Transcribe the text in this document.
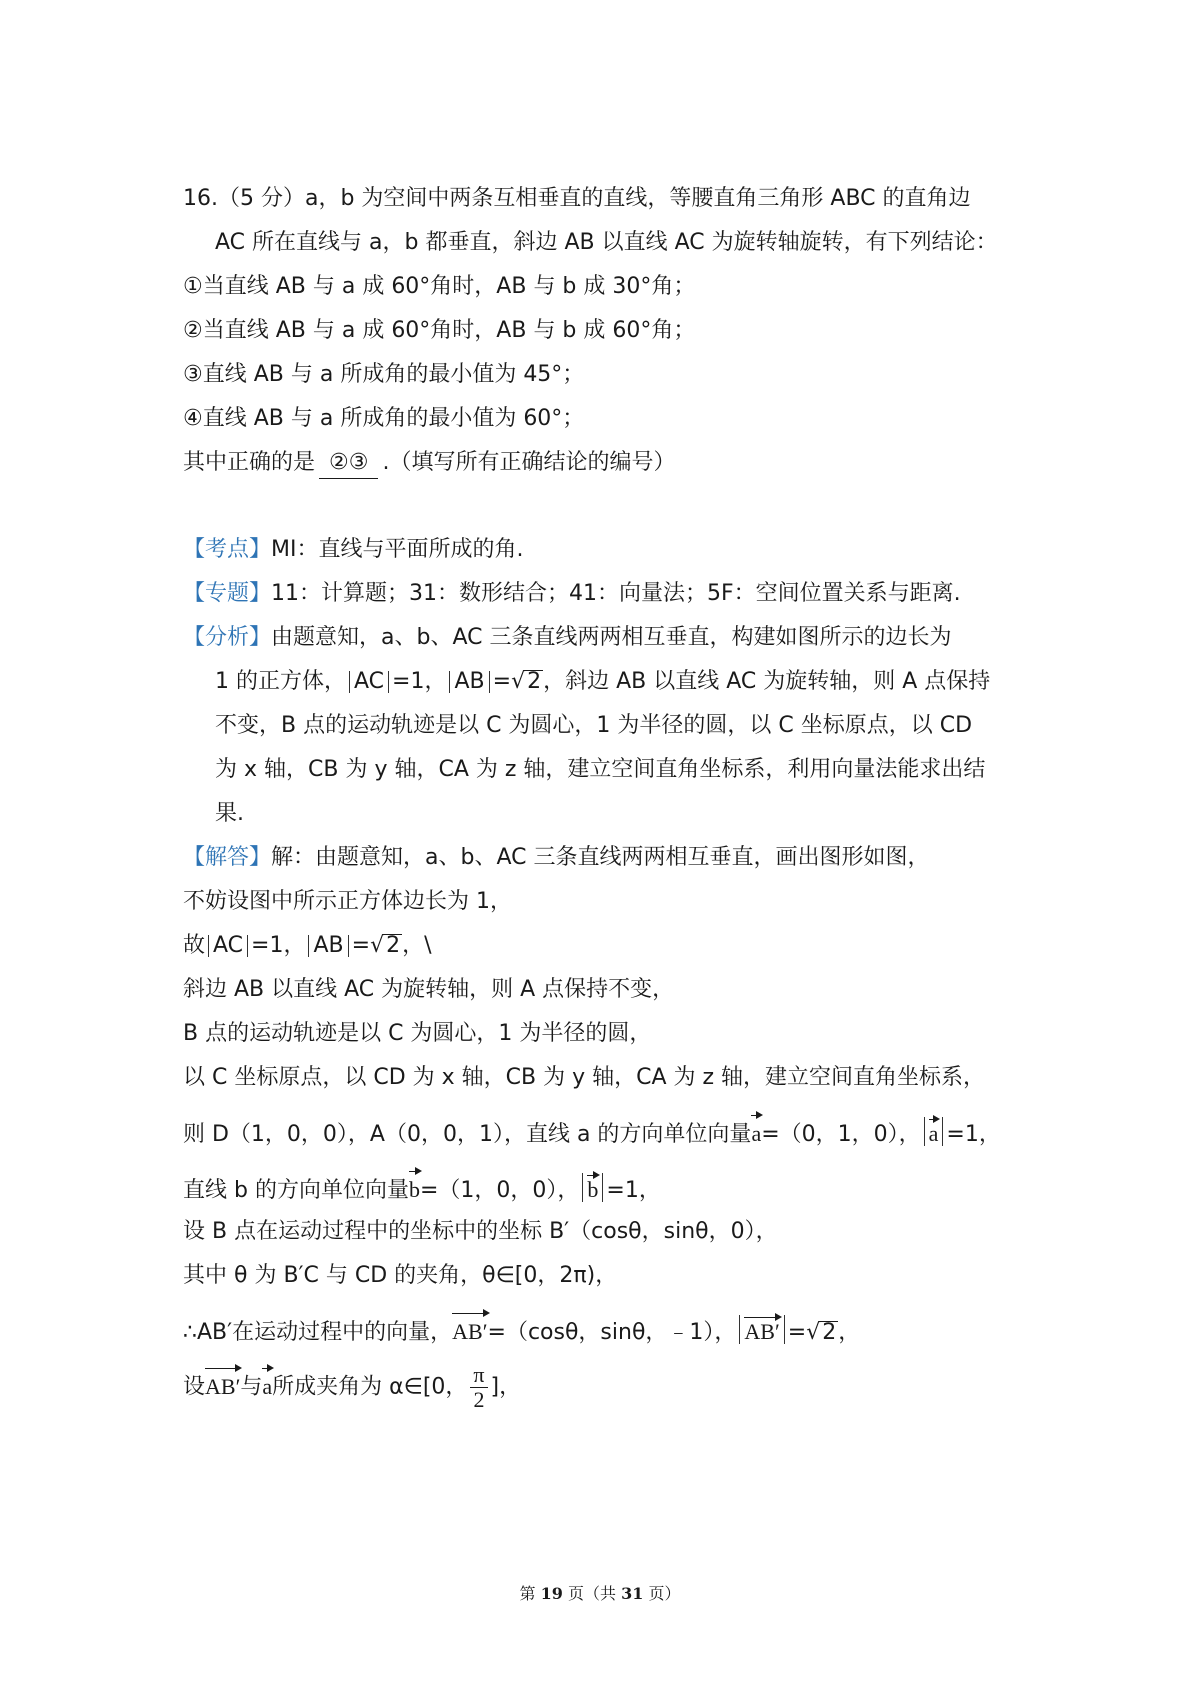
16.（5 分）a，b 为空间中两条互相垂直的直线，等腰直角三角形 ABC 的直角边
AC 所在直线与 a，b 都垂直，斜边 AB 以直线 AC 为旋转轴旋转，有下列结论：
①当直线 AB 与 a 成 60°角时，AB 与 b 成 30°角；
②当直线 AB 与 a 成 60°角时，AB 与 b 成 60°角；
③直线 AB 与 a 所成角的最小值为 45°；
④直线 AB 与 a 所成角的最小值为 60°；
其中正确的是 ②③ .（填写所有正确结论的编号）
【考点】MI：直线与平面所成的角.
【专题】11：计算题；31：数形结合；41：向量法；5F：空间位置关系与距离.
【分析】由题意知，a、b、AC 三条直线两两相互垂直，构建如图所示的边长为
1 的正方体， AC =1， AB =√2，斜边 AB 以直线 AC 为旋转轴，则 A 点保持
不变，B 点的运动轨迹是以 C 为圆心，1 为半径的圆，以 C 坐标原点，以 CD
为 x 轴，CB 为 y 轴，CA 为 z 轴，建立空间直角坐标系，利用向量法能求出结
果.
【解答】解：由题意知，a、b、AC 三条直线两两相互垂直，画出图形如图，
不妨设图中所示正方体边长为 1，
故 AC =1， AB =√2，\
斜边 AB 以直线 AC 为旋转轴，则 A 点保持不变，
B 点的运动轨迹是以 C 为圆心，1 为半径的圆，
以 C 坐标原点，以 CD 为 x 轴，CB 为 y 轴，CA 为 z 轴，建立空间直角坐标系，
则 D（1，0，0），A（0，0，1），直线 a 的方向单位向量a=（0，1，0）， a =1，
直线 b 的方向单位向量b=（1，0，0）， b =1，
设 B 点在运动过程中的坐标中的坐标 B′（cosθ，sinθ，0），
其中 θ 为 B′C 与 CD 的夹角，θ∈[0，2π)，
∴AB′在运动过程中的向量，AB′=（cosθ，sinθ，﹣1）， AB′ =√2，
设AB′与a所成夹角为 α∈[0， $\frac{\pi}{2}$ ]，
第 19 页（共 31 页）
